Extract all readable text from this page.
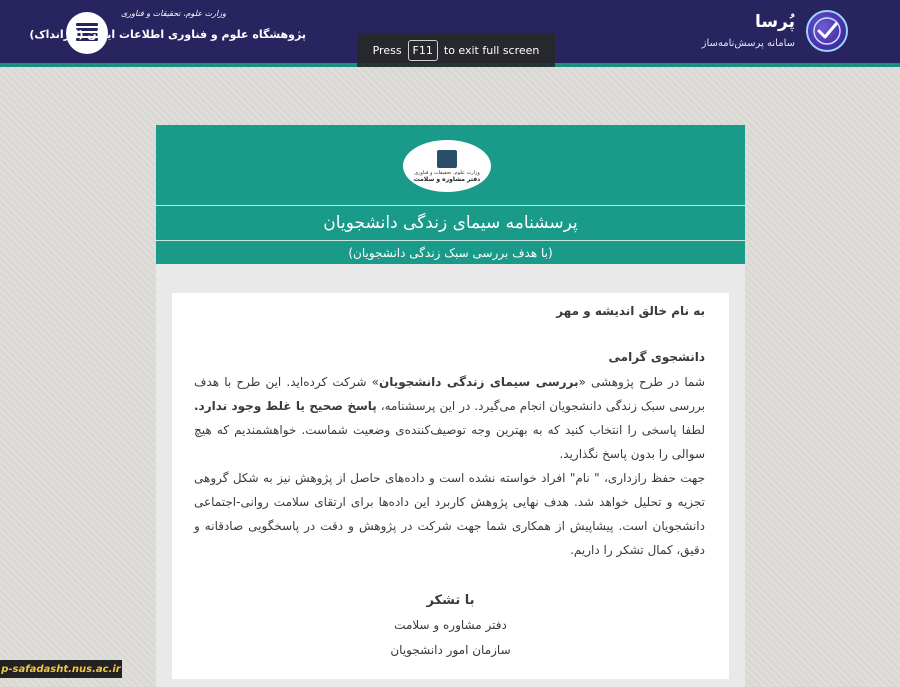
پُرسا
سامانه پرسش‌نامه‌ساز
وزارت علوم، تحقیقات و فناوری
پژوهشگاه علوم و فناوری اطلاعات ایران (ایرانداک)
Press	F11	to exit full screen
وزارت علوم، تحقیقات و فناوری
دفتر مشاوره و سلامت
پرسشنامه سیمای زندگی دانشجویان
(با هدف بررسی سبک زندگی دانشجویان)
به نام خالق اندیشه و مهر
دانشجوی گرامی
شما در طرح پژوهشی «بررسی سیمای زندگی دانشجویان» شرکت کرده‌اید. این طرح با هدف بررسی سبک زندگی دانشجویان انجام می‌گیرد. در این پرسشنامه، پاسخ صحیح یا غلط وجود ندارد. لطفا پاسخی را انتخاب کنید که به بهترین وجه توصیف‌کننده‌ی وضعیت شماست. خواهشمندیم که هیچ سوالی را بدون پاسخ نگذارید.
جهت حفظ رازداری، " نام" افراد خواسته نشده است و داده‌های حاصل از پژوهش نیز به شکل گروهی تجزیه و تحلیل خواهد شد. هدف نهایی پژوهش کاربرد این داده‌ها برای ارتقای سلامت روانی-اجتماعی دانشجویان است. پیشاپیش از همکاری شما جهت شرکت در پژوهش و دقت در پاسخگویی صادقانه و دقیق، کمال تشکر را داریم.
با تشکر
دفتر مشاوره و سلامت
سازمان امور دانشجویان
p-safadasht.nus.ac.ir
